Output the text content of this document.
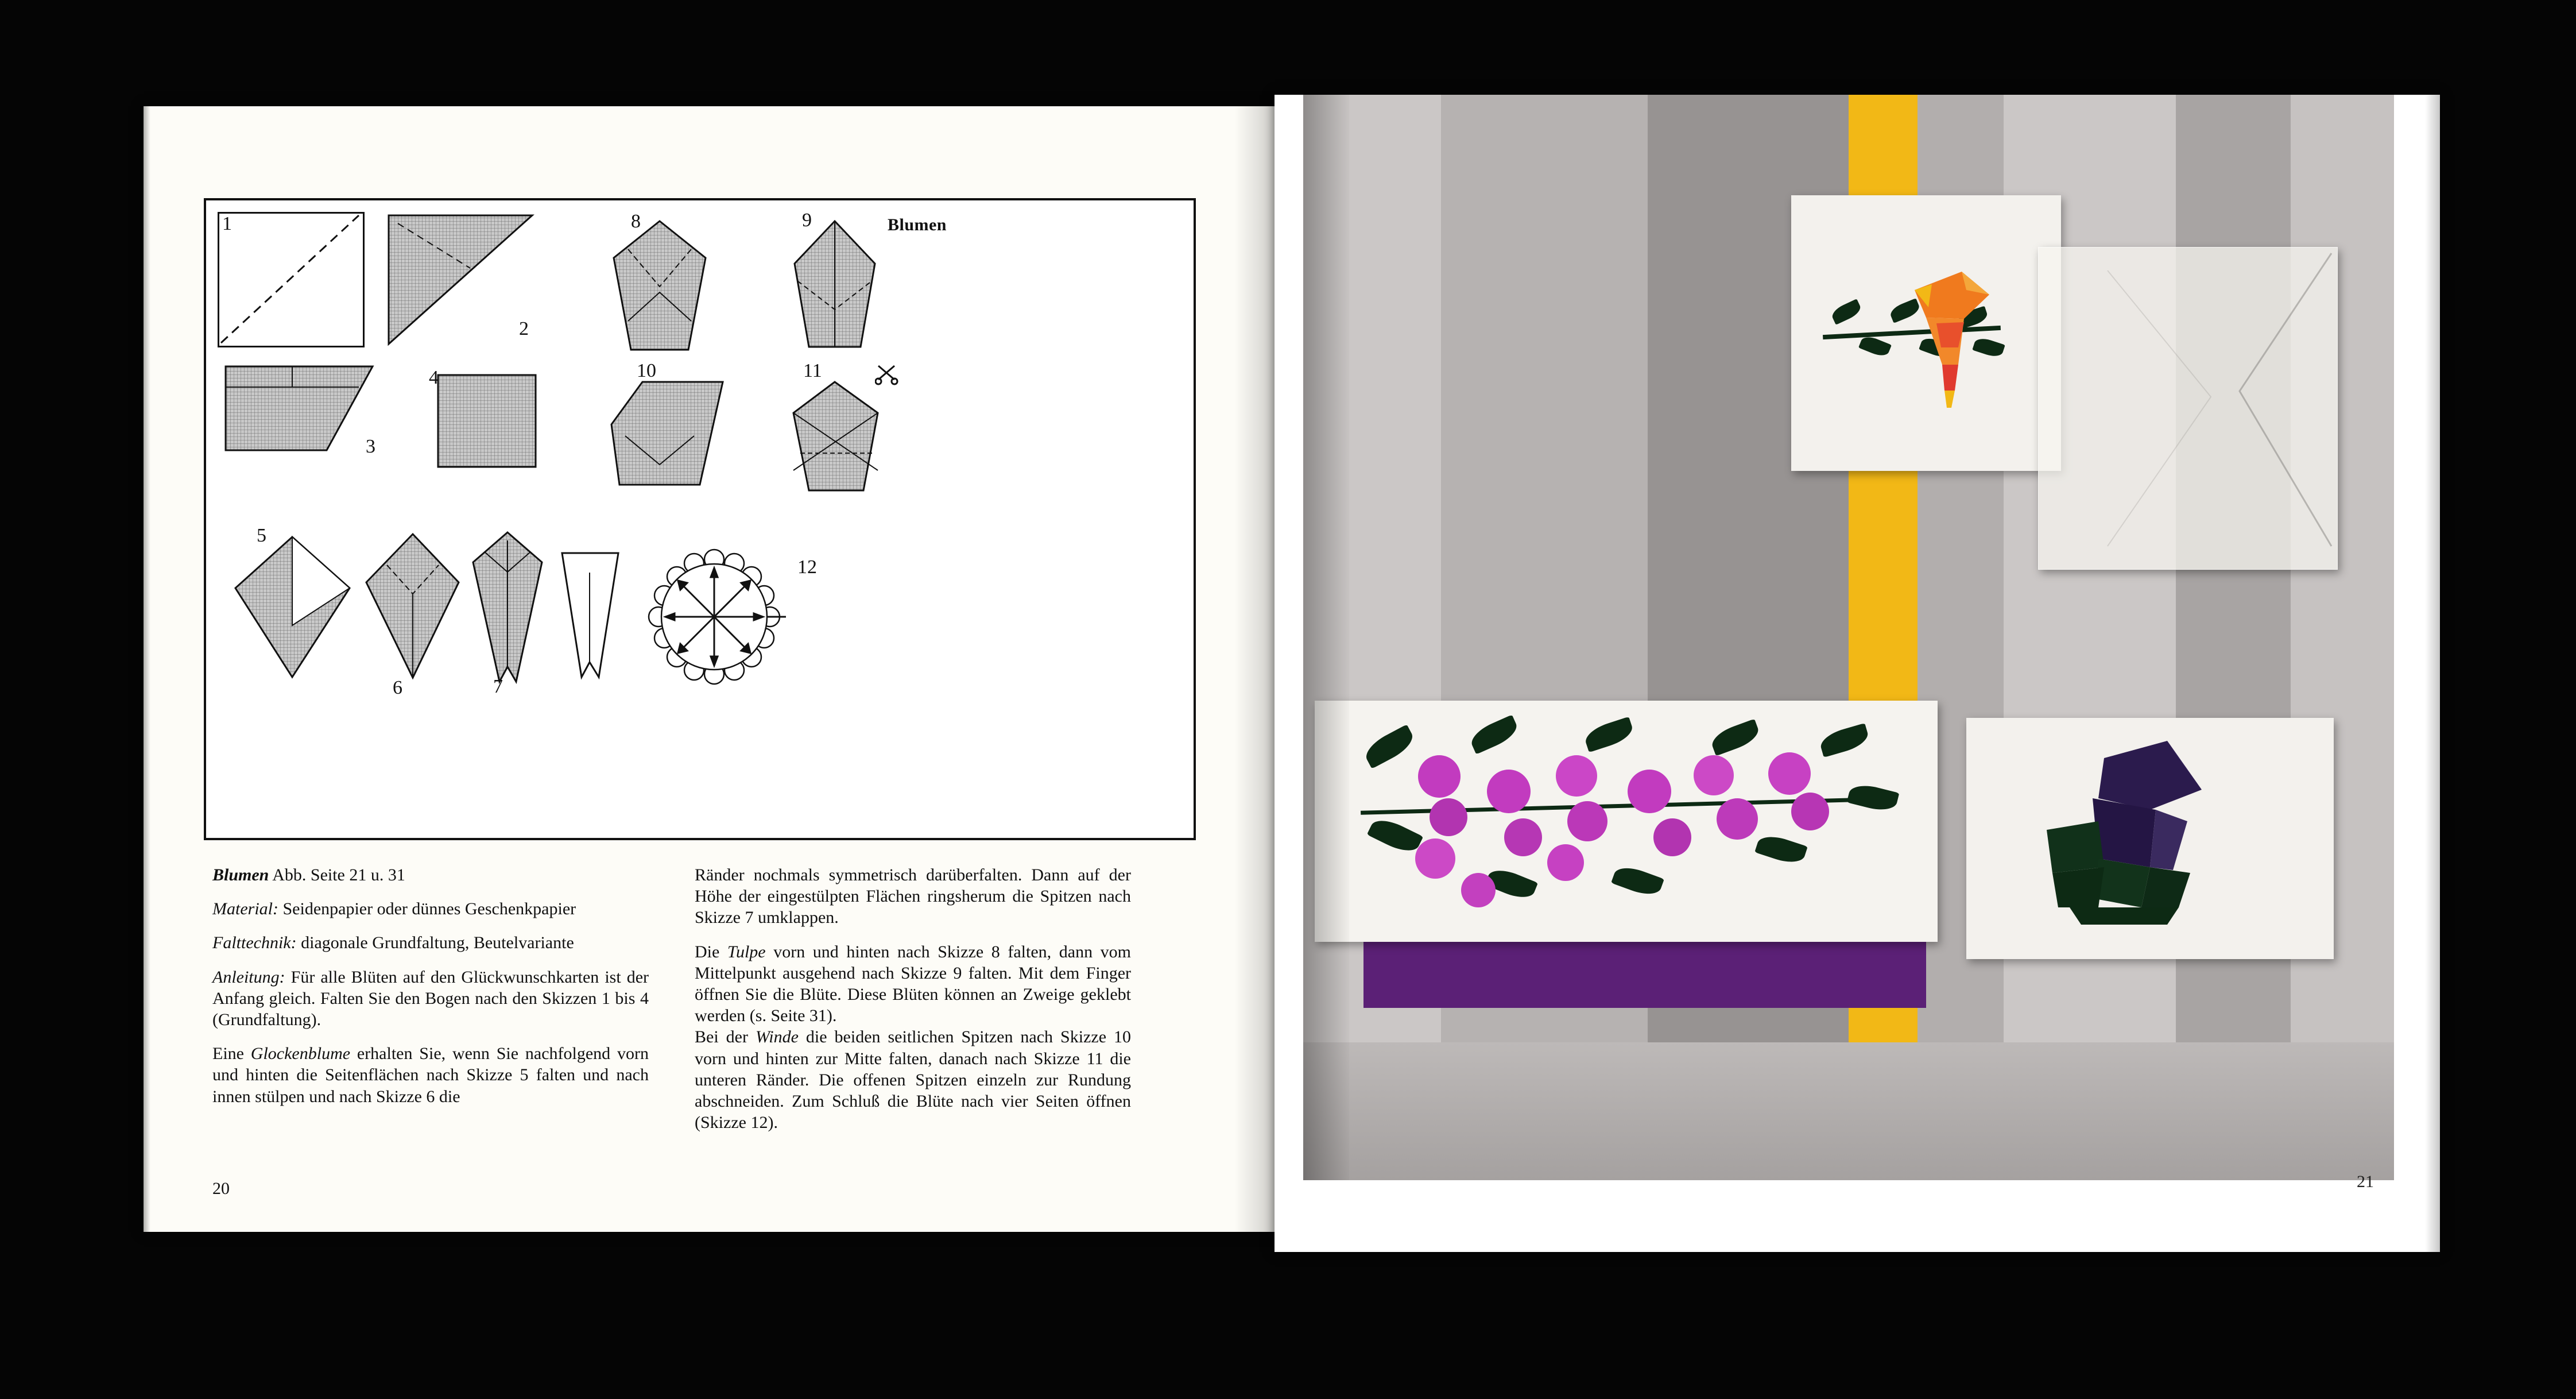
Blumen
1
2
3
4
5
6	7
8	9
10	11
12

Blumen Abb. Seite 21 u. 31

Material: Seidenpapier oder dünnes Geschenkpapier

Falttechnik: diagonale Grundfaltung, Beutelvariante

Anleitung: Für alle Blüten auf den Glückwunschkarten ist der Anfang gleich. Falten Sie den Bogen nach den Skizzen 1 bis 4 (Grundfaltung).

Eine Glockenblume erhalten Sie, wenn Sie nachfolgend vorn und hinten die Seitenflächen nach Skizze 5 falten und nach innen stülpen und nach Skizze 6 die

Ränder nochmals symmetrisch darüberfalten. Dann auf der Höhe der eingestülpten Flächen ringsherum die Spitzen nach Skizze 7 umklappen.

Die Tulpe vorn und hinten nach Skizze 8 falten, dann vom Mittelpunkt ausgehend nach Skizze 9 falten. Mit dem Finger öffnen Sie die Blüte. Diese Blüten können an Zweige geklebt werden (s. Seite 31).

Bei der Winde die beiden seitlichen Spitzen nach Skizze 10 vorn und hinten zur Mitte falten, danach nach Skizze 11 die unteren Ränder. Die offenen Spitzen einzeln zur Rundung abschneiden. Zum Schluß die Blüte nach vier Seiten öffnen (Skizze 12).

20	21
